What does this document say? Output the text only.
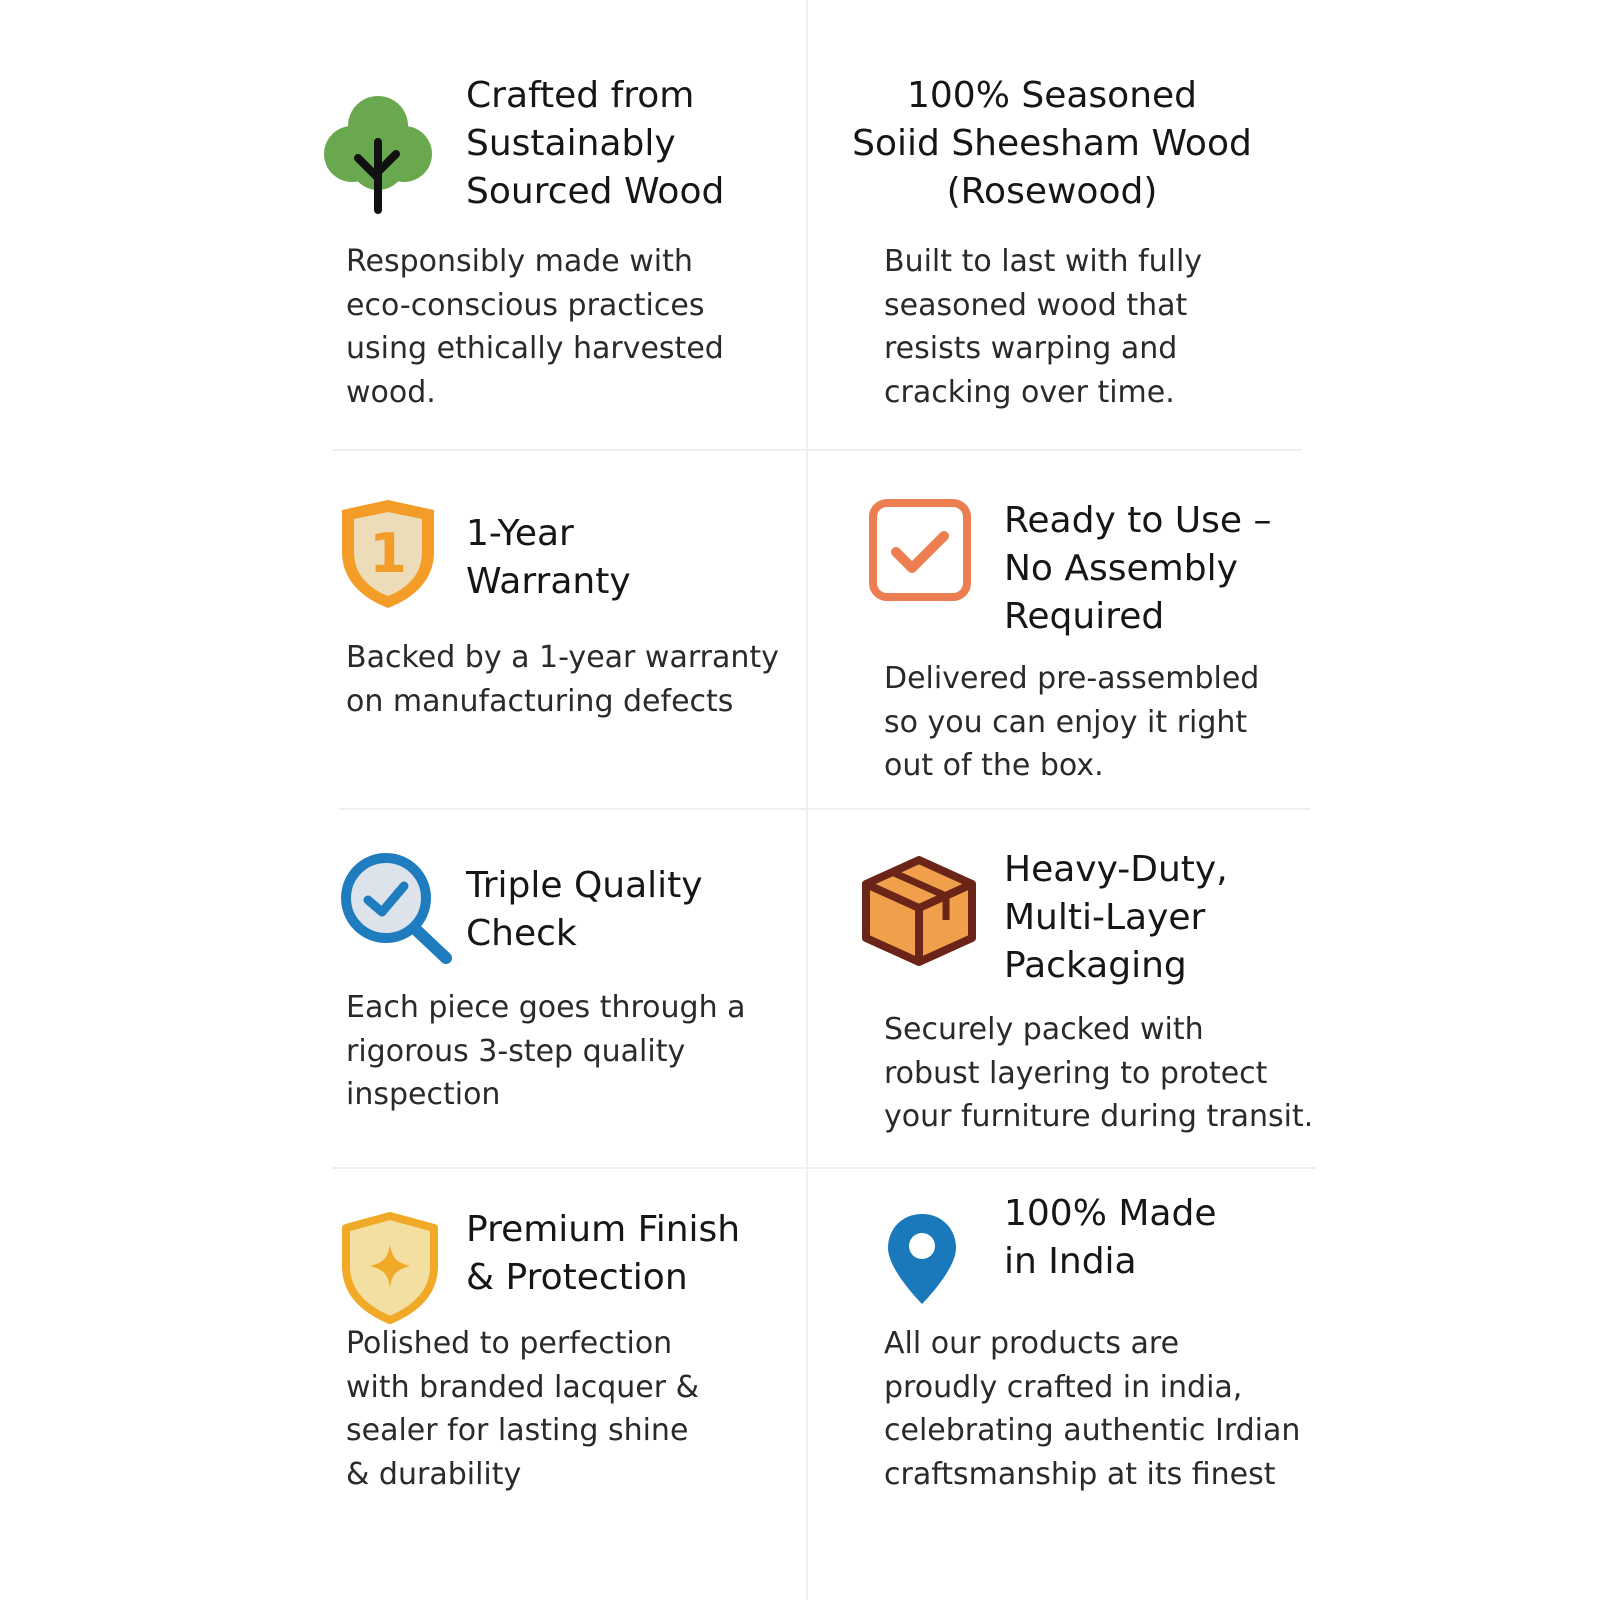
Crafted from
Sustainably
Sourced Wood
Responsibly made with
eco-conscious practices
using ethically harvested
wood.
100% Seasoned
Soiid Sheesham Wood
(Rosewood)
Built to last with fully
seasoned wood that
resists warping and
cracking over time.
1 1-Year
Warranty
Backed by a 1-year warranty
on manufacturing defects
Ready to Use –
No Assembly
Required
Delivered pre-assembled
so you can enjoy it right
out of the box.
Triple Quality
Check
Each piece goes through a
rigorous 3-step quality
inspection
Heavy-Duty,
Multi-Layer
Packaging
Securely packed with
robust layering to protect
your furniture during transit.
Premium Finish
& Protection
Polished to perfection
with branded lacquer &
sealer for lasting shine
& durability
100% Made
in India
All our products are
proudly crafted in india,
celebrating authentic Irdian
craftsmanship at its finest
